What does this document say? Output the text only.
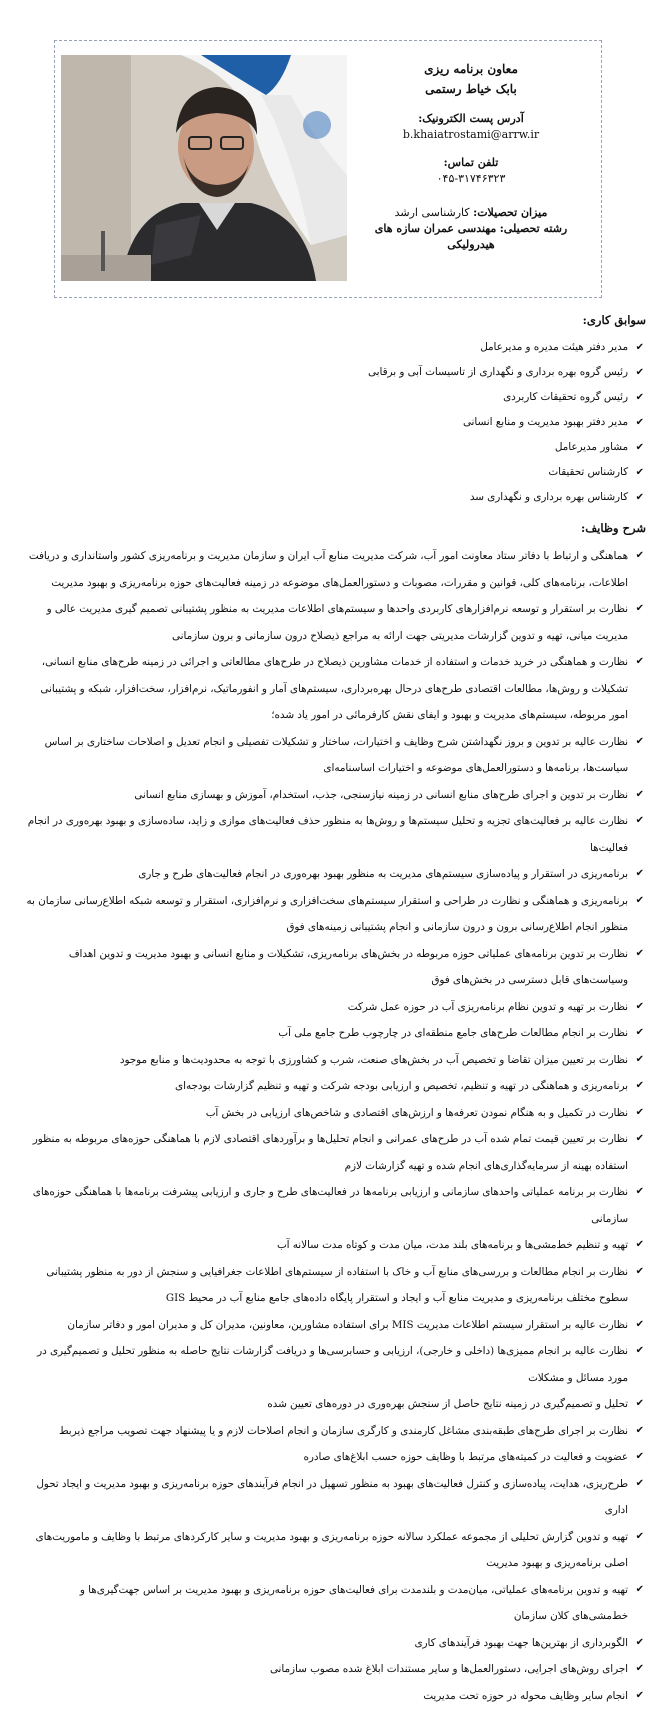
معاون برنامه ریزی
بابک خیاط رستمی
آدرس پست الکترونیک:
b.khaiatrostami@arrw.ir
تلفن تماس:
۰۴۵-۳۱۷۴۶۳۲۳
میزان تحصیلات: کارشناسی ارشد
رشته تحصیلی: مهندسی عمران سازه های هیدرولیکی
سوابق کاری:
✔
مدیر دفتر هیئت مدیره و مدیرعامل
✔
رئیس گروه بهره برداری و نگهداری از تاسیسات آبی و برقابی
✔
رئیس گروه تحقیقات کاربردی
✔
مدیر دفتر بهبود مدیریت و منابع انسانی
✔
مشاور مدیرعامل
✔
کارشناس تحقیقات
✔
کارشناس بهره برداری و نگهداری سد
شرح وظایف:
✔
هماهنگی و ارتباط با دفاتر ستاد معاونت امور آب، شرکت مدیریت منابع آب ایران و سازمان مدیریت و برنامه‌ریزی کشور واستانداری و دریافت اطلاعات، برنامه‌های کلی، قوانین و مقررات، مصوبات و دستورالعمل‌های موضوعه در زمینه فعالیت‌های حوزه برنامه‌ریزی و بهبود مدیریت
✔
نظارت بر استقرار و توسعه نرم‌افزارهای کاربردی واحدها و سیستم‌های اطلاعات مدیریت به منظور پشتیبانی تصمیم گیری مدیریت عالی و مدیریت میانی، تهیه و تدوین گزارشات مدیریتی جهت ارائه به مراجع ذیصلاح درون سازمانی و برون سازمانی
✔
نظارت و هماهنگی در خرید خدمات و استفاده از خدمات مشاورین ذیصلاح در طرح‌های مطالعاتی و اجرائی در زمینه طرح‌های منابع انسانی، تشکیلات و روش‌ها، مطالعات اقتصادی طرح‌های درحال بهره‌برداری، سیستم‌های آمار و انفورماتیک، نرم‌افزار، سخت‌افزار، شبکه و پشتیبانی امور مربوطه، سیستم‌های مدیریت و بهبود و ایفای نقش کارفرمائی در امور یاد شده؛
✔
نظارت عالیه بر تدوین و بروز نگهداشتن شرح وظایف و اختیارات، ساختار و تشکیلات تفصیلی و انجام تعدیل و اصلاحات ساختاری بر اساس سیاست‌ها، برنامه‌ها و دستورالعمل‌های موضوعه و اختیارات اساسنامه‌ای
✔
نظارت بر تدوین و اجرای طرح‌های منابع انسانی در زمینه نیازسنجی، جذب، استخدام، آموزش و بهسازی منابع انسانی
✔
نظارت عالیه بر فعالیت‌های تجزیه و تحلیل سیستم‌ها و روش‌ها به منظور حذف فعالیت‌های موازی و زاید، ساده‌سازی و بهبود بهره‌وری در انجام فعالیت‌ها
✔
برنامه‌ریزی در استقرار و پیاده‌سازی سیستم‌های مدیریت به منظور بهبود بهره‌وری در انجام فعالیت‌های طرح و جاری
✔
برنامه‌ریزی و هماهنگی و نظارت در طراحی و استقرار سیستم‌های سخت‌افزاری و نرم‌افزاری، استقرار و توسعه شبکه اطلاع‌رسانی سازمان به منظور انجام اطلاع‌رسانی برون و درون سازمانی و انجام پشتیبانی زمینه‌های فوق
✔
نظارت بر تدوین برنامه‌های عملیاتی حوزه مربوطه در بخش‌های برنامه‌ریزی، تشکیلات و منابع انسانی و بهبود مدیریت و تدوین اهداف وسیاست‌های قابل دسترسی در بخش‌های فوق
✔
نظارت بر تهیه و تدوین نظام برنامه‌ریزی آب در حوزه عمل شرکت
✔
نظارت بر انجام مطالعات طرح‌های جامع منطقه‌ای در چارچوب طرح جامع ملی آب
✔
نظارت بر تعیین میزان تقاضا و تخصیص آب در بخش‌های صنعت، شرب و کشاورزی با توجه به محدودیت‌ها و منابع موجود
✔
برنامه‌ریزی و هماهنگی در تهیه و تنظیم، تخصیص و ارزیابی بودجه شرکت و تهیه و تنظیم گزارشات بودجه‌ای
✔
نظارت در تکمیل و به هنگام نمودن تعرفه‌ها و ارزش‌های اقتصادی و شاخص‌های ارزیابی در بخش آب
✔
نظارت بر تعیین قیمت تمام شده آب در طرح‌های عمرانی و انجام تحلیل‌ها و برآوردهای اقتصادی لازم با هماهنگی حوزه‌های مربوطه به منظور استفاده بهینه از سرمایه‌گذاری‌های انجام شده و تهیه گزارشات لازم
✔
نظارت بر برنامه عملیاتی واحدهای سازمانی و ارزیابی برنامه‌ها در فعالیت‌های طرح و جاری و ارزیابی پیشرفت برنامه‌ها با هماهنگی حوزه‌های سازمانی
✔
تهیه و تنظیم خط‌مشی‌ها و برنامه‌های بلند مدت، میان مدت و کوتاه مدت سالانه آب
✔
نظارت بر انجام مطالعات و بررسی‌های منابع آب و خاک با استفاده از سیستم‌های اطلاعات جغرافیایی و سنجش از دور به منظور پشتیبانی سطوح مختلف برنامه‌ریزی و مدیریت منابع آب و ایجاد و استقرار پایگاه داده‌های جامع منابع آب در محیط GIS
✔
نظارت عالیه بر استقرار سیستم اطلاعات مدیریت MIS برای استفاده مشاورین، معاونین، مدیران کل و مدیران امور و دفاتر سازمان
✔
نظارت عالیه بر انجام ممیزی‌ها (داخلی و خارجی)، ارزیابی و حسابرسی‌ها و دریافت گزارشات نتایج حاصله به منظور تحلیل و تصمیم‌گیری در مورد مسائل و مشکلات
✔
تحلیل و تصمیم‌گیری در زمینه نتایج حاصل از سنجش بهره‌وری در دوره‌های تعیین شده
✔
نظارت بر اجرای طرح‌های طبقه‌بندی مشاغل کارمندی و کارگری سازمان و انجام اصلاحات لازم و یا پیشنهاد جهت تصویب مراجع ذیربط
✔
عضویت و فعالیت در کمیته‌های مرتبط با وظایف حوزه حسب ابلاغ‌های صادره
✔
طرح‌ریزی، هدایت، پیاده‌سازی و کنترل فعالیت‌های بهبود به منظور تسهیل در انجام فرآیندهای حوزه برنامه‌ریزی و بهبود مدیریت و ایجاد تحول اداری
✔
تهیه و تدوین گزارش تحلیلی از مجموعه عملکرد سالانه حوزه برنامه‌ریزی و بهبود مدیریت و سایر کارکردهای مرتبط با وظایف و ماموریت‌های اصلی برنامه‌ریزی و بهبود مدیریت
✔
تهیه و تدوین برنامه‌های عملیاتی، میان‌مدت و بلندمدت برای فعالیت‌های حوزه برنامه‌ریزی و بهبود مدیریت بر اساس جهت‌گیری‌ها و خط‌مشی‌های کلان سازمان
✔
الگوبرداری از بهترین‌ها جهت بهبود فرآیندهای کاری
✔
اجرای روش‌های اجرایی، دستورالعمل‌ها و سایر مستندات ابلاغ شده مصوب سازمانی
✔
انجام سایر وظایف محوله در حوزه تحت مدیریت
